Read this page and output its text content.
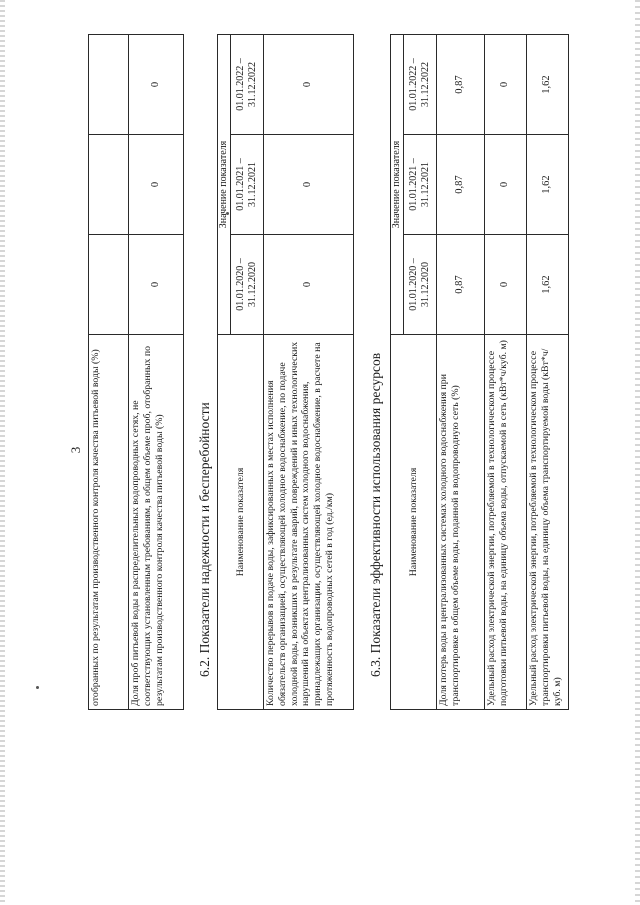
3 отобранных по результатам производственного контроля качества питьевой воды (%)			
Доля проб питьевой воды в распределительных водопроводных сетях, не соответствующих установленным требованиям, в общем объеме проб, отобранных по результатам производственного контроля качества питьевой воды (%)	0	0	0
6.2. Показатели надежности и бесперебойности Наименование показателя	Значение показателя		
	01.01.2020 – 31.12.2020	01.01.2021 – 31.12.2021	01.01.2022 – 31.12.2022
Количество перерывов в подаче воды, зафиксированных в местах исполнения обязательств организацией, осуществляющей холодное водоснабжение, по подаче холодной воды, возникших в результате аварий, повреждений и иных технологических нарушений на объектах централизованных систем холодного водоснабжения, принадлежащих организации, осуществляющей холодное водоснабжение, в расчете на протяженность водопроводных сетей в год (ед./км)	0	0	0
6.3. Показатели эффективности использования ресурсов	Наименование показателя	Значение показателя		
	01.01.2020 – 31.12.2020	01.01.2021 – 31.12.2021	01.01.2022 – 31.12.2022
Доля потерь воды в централизованных системах холодного водоснабжения при транспортировке в общем объеме воды, поданной в водопроводную сеть (%)	0,87	0,87	0,87
Удельный расход электрической энергии, потребляемой в технологическом процессе подготовки питьевой воды, на единицу объема воды, отпускаемой в сеть (кВт*ч/куб. м)	0	0	0
Удельный расход электрической энергии, потребляемой в технологическом процессе транспортировки питьевой воды, на единицу объема транспортируемой воды (кВт*ч/куб. м)	1,62	1,62	1,62
